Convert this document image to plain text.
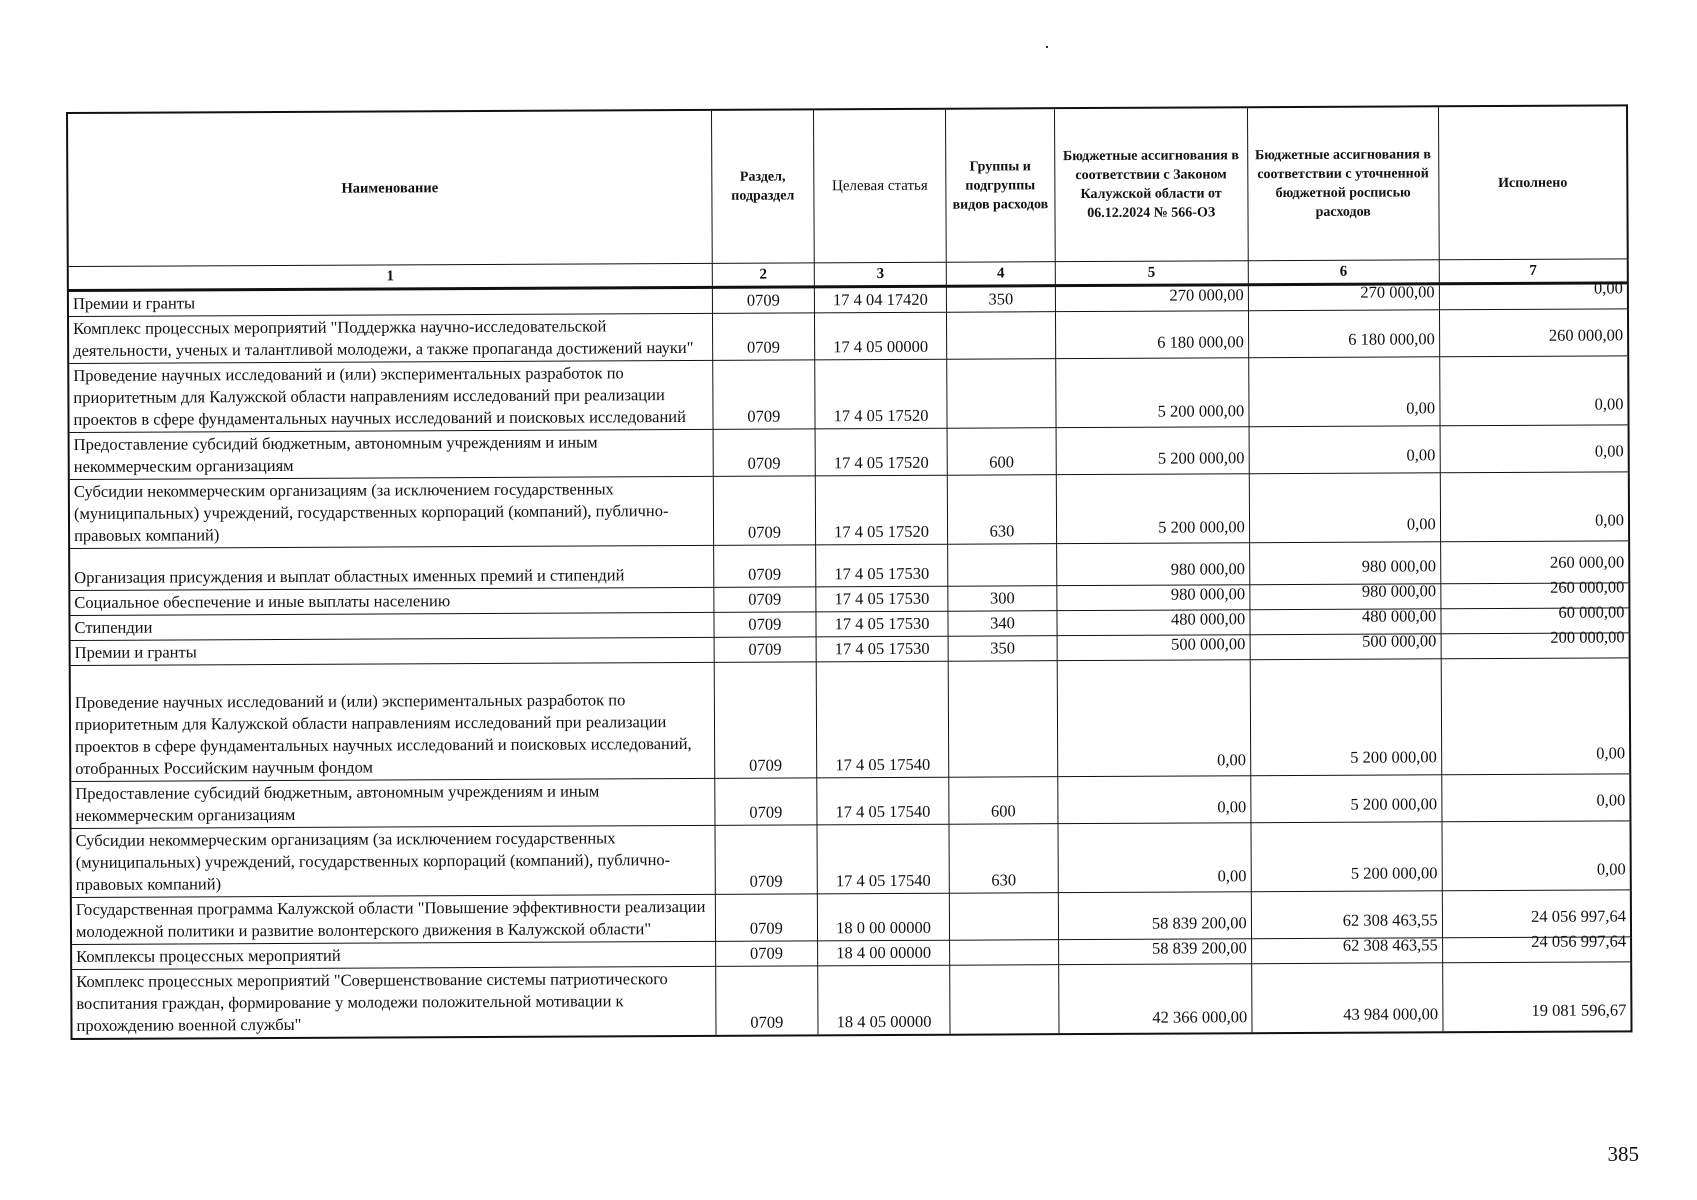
Наименование	Раздел, подраздел	Целевая статья	Группы и подгруппы видов расходов	Бюджетные ассигнования в соответствии с Законом Калужской области от 06.12.2024 № 566-ОЗ	Бюджетные ассигнования в соответствии с уточненной бюджетной росписью расходов	Исполнено
1	2	3	4	5	6	7
Премии и гранты	0709	17 4 04 17420	350	270 000,00	270 000,00	0,00
Комплекс процессных мероприятий "Поддержка научно-исследовательской деятельности, ученых и талантливой молодежи, а также пропаганда достижений науки"	0709	17 4 05 00000		6 180 000,00	6 180 000,00	260 000,00
Проведение научных исследований и (или) экспериментальных разработок по приоритетным для Калужской области направлениям исследований при реализации проектов в сфере фундаментальных научных исследований и поисковых исследований	0709	17 4 05 17520		5 200 000,00	0,00	0,00
Предоставление субсидий бюджетным, автономным учреждениям и иным некоммерческим организациям	0709	17 4 05 17520	600	5 200 000,00	0,00	0,00
Субсидии некоммерческим организациям (за исключением государственных (муниципальных) учреждений, государственных корпораций (компаний), публично-правовых компаний)	0709	17 4 05 17520	630	5 200 000,00	0,00	0,00
Организация присуждения и выплат областных именных премий и стипендий	0709	17 4 05 17530		980 000,00	980 000,00	260 000,00
Социальное обеспечение и иные выплаты населению	0709	17 4 05 17530	300	980 000,00	980 000,00	260 000,00
Стипендии	0709	17 4 05 17530	340	480 000,00	480 000,00	60 000,00
Премии и гранты	0709	17 4 05 17530	350	500 000,00	500 000,00	200 000,00
Проведение научных исследований и (или) экспериментальных разработок по приоритетным для Калужской области направлениям исследований при реализации проектов в сфере фундаментальных научных исследований и поисковых исследований, отобранных Российским научным фондом	0709	17 4 05 17540		0,00	5 200 000,00	0,00
Предоставление субсидий бюджетным, автономным учреждениям и иным некоммерческим организациям	0709	17 4 05 17540	600	0,00	5 200 000,00	0,00
Субсидии некоммерческим организациям (за исключением государственных (муниципальных) учреждений, государственных корпораций (компаний), публично-правовых компаний)	0709	17 4 05 17540	630	0,00	5 200 000,00	0,00
Государственная программа Калужской области "Повышение эффективности реализации молодежной политики и развитие волонтерского движения в Калужской области"	0709	18 0 00 00000		58 839 200,00	62 308 463,55	24 056 997,64
Комплексы процессных мероприятий	0709	18 4 00 00000		58 839 200,00	62 308 463,55	24 056 997,64
Комплекс процессных мероприятий "Совершенствование системы патриотического воспитания граждан, формирование у молодежи положительной мотивации к прохождению военной службы"	0709	18 4 05 00000		42 366 000,00	43 984 000,00	19 081 596,67
385
